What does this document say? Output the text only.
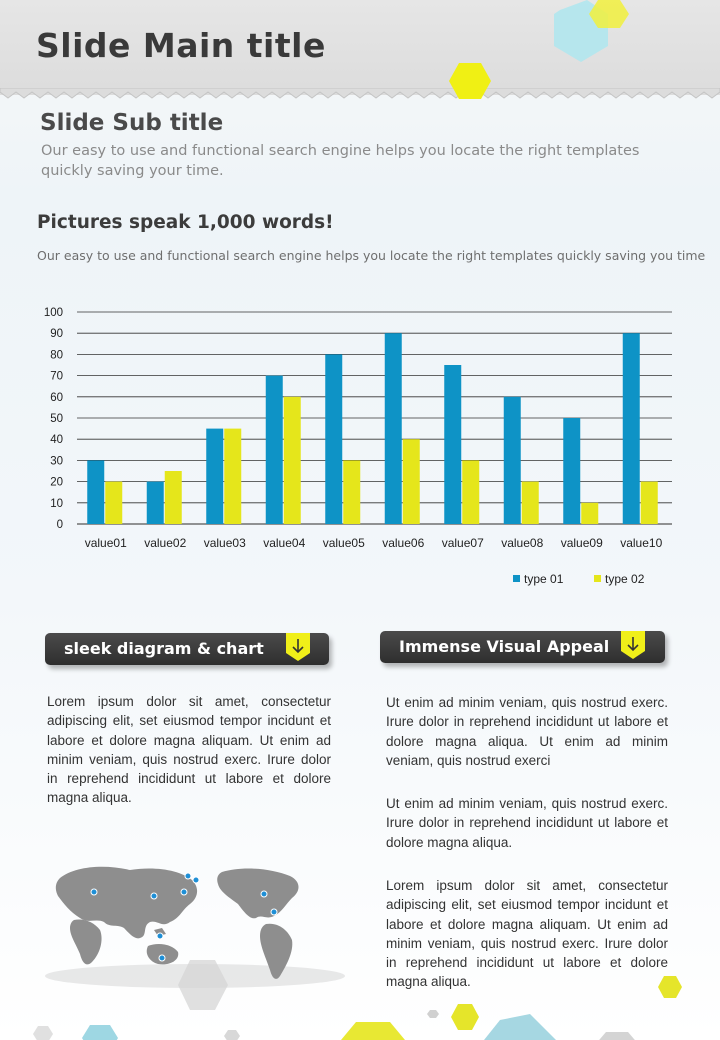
Slide Main title
Slide Sub title
Our easy to use and functional search engine helps you locate the right templates quickly saving your time.
Pictures speak 1,000 words!
Our easy to use and functional search engine helps you locate the right templates quickly saving you time
0
10
20
30
40
50
60
70
80
90
100
value01 value02 value03 value04 value05 value06 value07 value08 value09 value10
type 01	type 02
sleek diagram & chart
Lorem ipsum dolor sit amet, consectetur adipiscing elit, set eiusmod tempor incidunt et labore et dolore magna aliquam. Ut enim ad minim veniam, quis nostrud exerc. Irure dolor in reprehend incididunt ut labore et dolore magna aliqua.
Immense Visual Appeal
Ut enim ad minim veniam, quis nostrud exerc. Irure dolor in reprehend incididunt ut labore et dolore magna aliqua. Ut enim ad minim veniam, quis nostrud exerci
Ut enim ad minim veniam, quis nostrud exerc. Irure dolor in reprehend incididunt ut labore et dolore magna aliqua.
Lorem ipsum dolor sit amet, consectetur adipiscing elit, set eiusmod tempor incidunt et labore et dolore magna aliquam. Ut enim ad minim veniam, quis nostrud exerc. Irure dolor in reprehend incididunt ut labore et dolore magna aliqua.
